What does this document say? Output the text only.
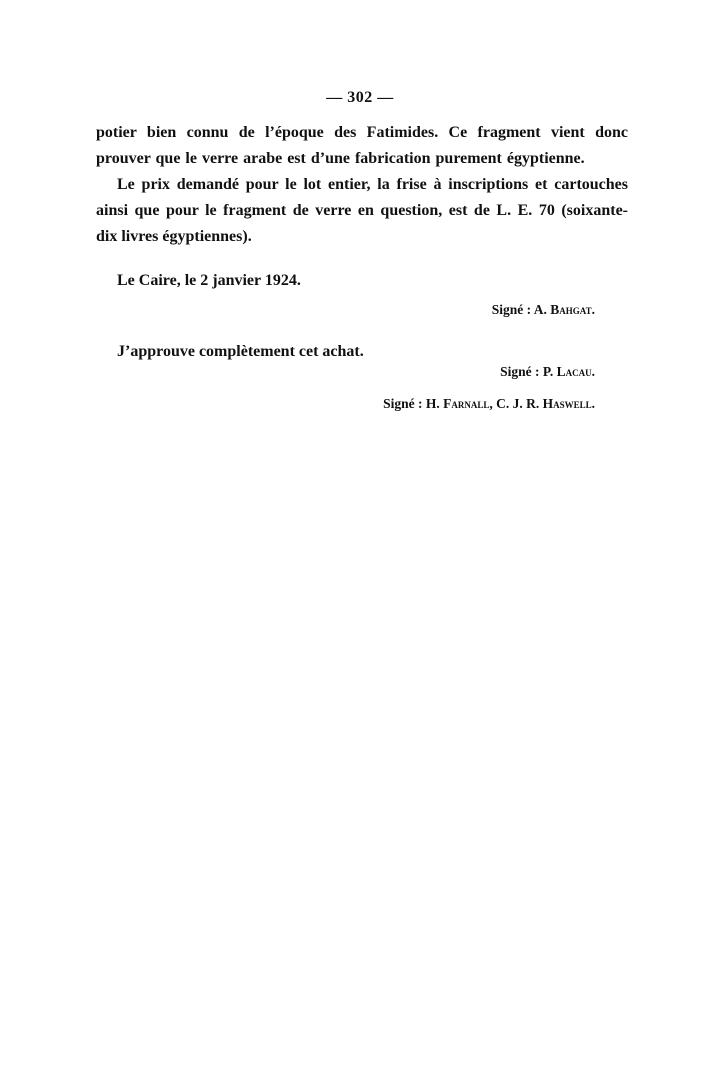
— 302 —
potier bien connu de l’époque des Fatimides. Ce fragment vient donc
prouver que le verre arabe est d’une fabrication purement égyptienne.
Le prix demandé pour le lot entier, la frise à inscriptions et cartouches
ainsi que pour le fragment de verre en question, est de L. E. 70 (soixante-
dix livres égyptiennes).
Le Caire, le 2 janvier 1924.
Signé : A. Bahgat.
J’approuve complètement cet achat.
Signé : P. Lacau.
Signé : H. Farnall, C. J. R. Haswell.
